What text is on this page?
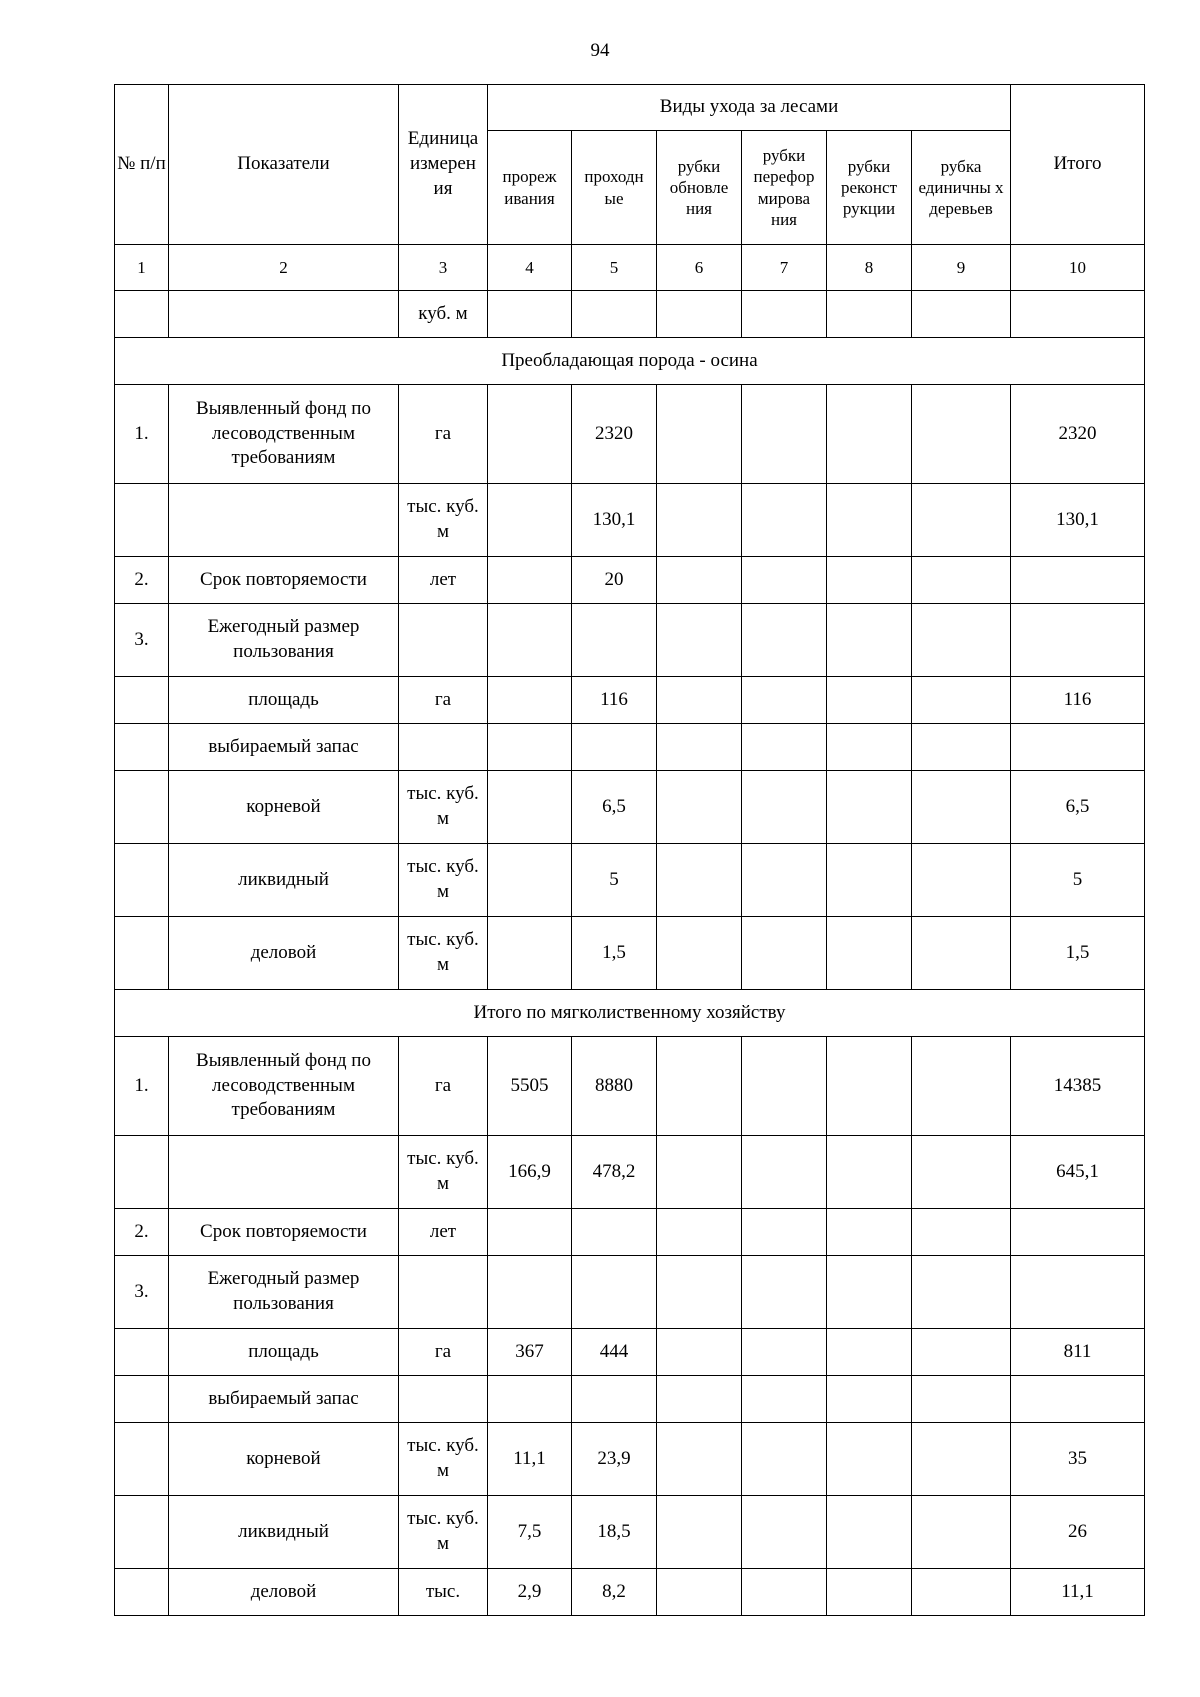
94
№ п/п	Показатели	Единица измерен ия	Виды ухода за лесами						Итого
			прореж ивания	проходн ые	рубки обновле ния	рубки перефор мирова ния	рубки реконст рукции	рубка единичны х деревьев	
1	2	3	4	5	6	7	8	9	10
		куб. м							
Преобладающая порода - осина									
1.	Выявленный фонд по лесоводственным требованиям	га		2320					2320
		тыс. куб. м		130,1					130,1
2.	Срок повторяемости	лет		20					
3.	Ежегодный размер пользования								
	площадь	га		116					116
	выбираемый запас								
	корневой	тыс. куб. м		6,5					6,5
	ликвидный	тыс. куб. м		5					5
	деловой	тыс. куб. м		1,5					1,5
Итого по мягколиственному хозяйству									
1.	Выявленный фонд по лесоводственным требованиям	га	5505	8880					14385
		тыс. куб. м	166,9	478,2					645,1
2.	Срок повторяемости	лет							
3.	Ежегодный размер пользования								
	площадь	га	367	444					811
	выбираемый запас								
	корневой	тыс. куб. м	11,1	23,9					35
	ликвидный	тыс. куб. м	7,5	18,5					26
	деловой	тыс.	2,9	8,2					11,1
